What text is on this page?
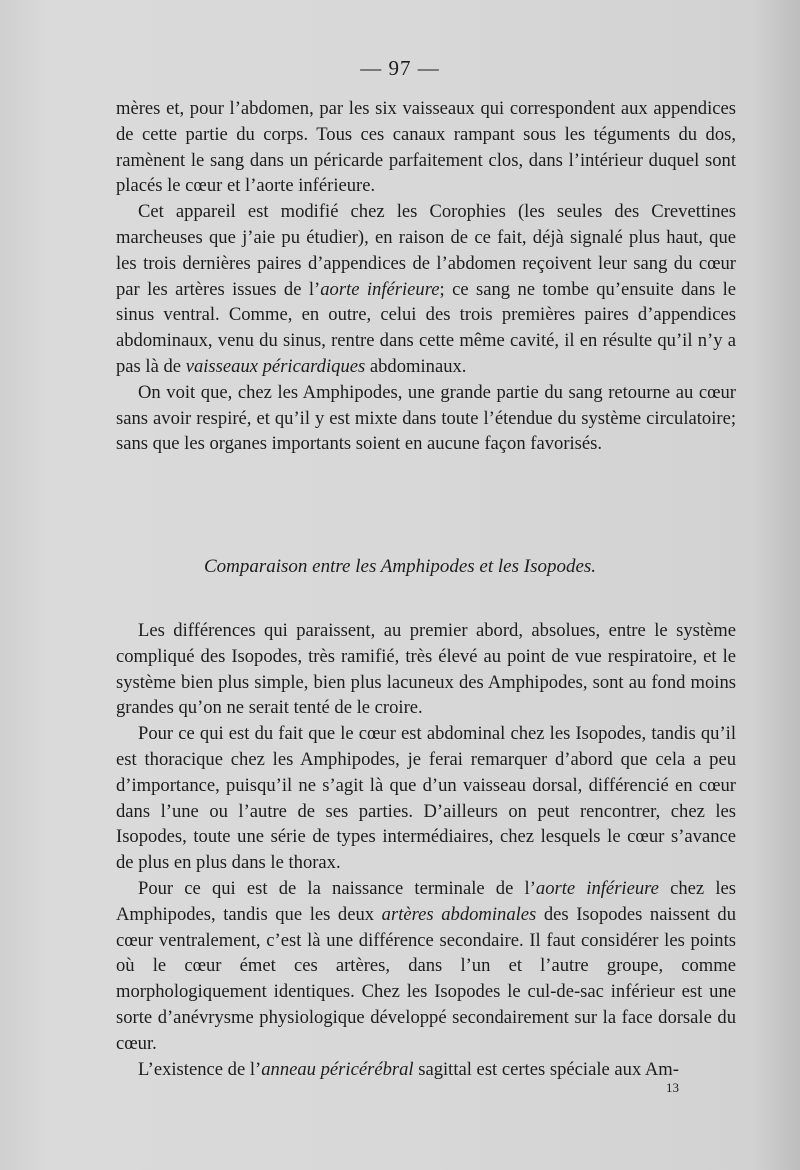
— 97 —

mères et, pour l’abdomen, par les six vaisseaux qui correspondent aux appendices de cette partie du corps. Tous ces canaux rampant sous les téguments du dos, ramènent le sang dans un péricarde parfaitement clos, dans l’intérieur duquel sont placés le cœur et l’aorte inférieure.

Cet appareil est modifié chez les Corophies (les seules des Crevettines marcheuses que j’aie pu étudier), en raison de ce fait, déjà signalé plus haut, que les trois dernières paires d’appendices de l’abdomen reçoivent leur sang du cœur par les artères issues de l’aorte inférieure; ce sang ne tombe qu’ensuite dans le sinus ventral. Comme, en outre, celui des trois premières paires d’appendices abdominaux, venu du sinus, rentre dans cette même cavité, il en résulte qu’il n’y a pas là de vaisseaux péricardiques abdominaux.

On voit que, chez les Amphipodes, une grande partie du sang retourne au cœur sans avoir respiré, et qu’il y est mixte dans toute l’étendue du système circulatoire; sans que les organes importants soient en aucune façon favorisés.

Comparaison entre les Amphipodes et les Isopodes.

Les différences qui paraissent, au premier abord, absolues, entre le système compliqué des Isopodes, très ramifié, très élevé au point de vue respiratoire, et le système bien plus simple, bien plus lacuneux des Amphipodes, sont au fond moins grandes qu’on ne serait tenté de le croire.

Pour ce qui est du fait que le cœur est abdominal chez les Isopodes, tandis qu’il est thoracique chez les Amphipodes, je ferai remarquer d’abord que cela a peu d’importance, puisqu’il ne s’agit là que d’un vaisseau dorsal, différencié en cœur dans l’une ou l’autre de ses parties. D’ailleurs on peut rencontrer, chez les Isopodes, toute une série de types intermédiaires, chez lesquels le cœur s’avance de plus en plus dans le thorax.

Pour ce qui est de la naissance terminale de l’aorte inférieure chez les Amphipodes, tandis que les deux artères abdominales des Isopodes naissent du cœur ventralement, c’est là une différence secondaire. Il faut considérer les points où le cœur émet ces artères, dans l’un et l’autre groupe, comme morphologiquement identiques. Chez les Isopodes le cul-de-sac inférieur est une sorte d’anévrysme physiologique développé secondairement sur la face dorsale du cœur.

L’existence de l’anneau péricérébral sagittal est certes spéciale aux Am-

13
